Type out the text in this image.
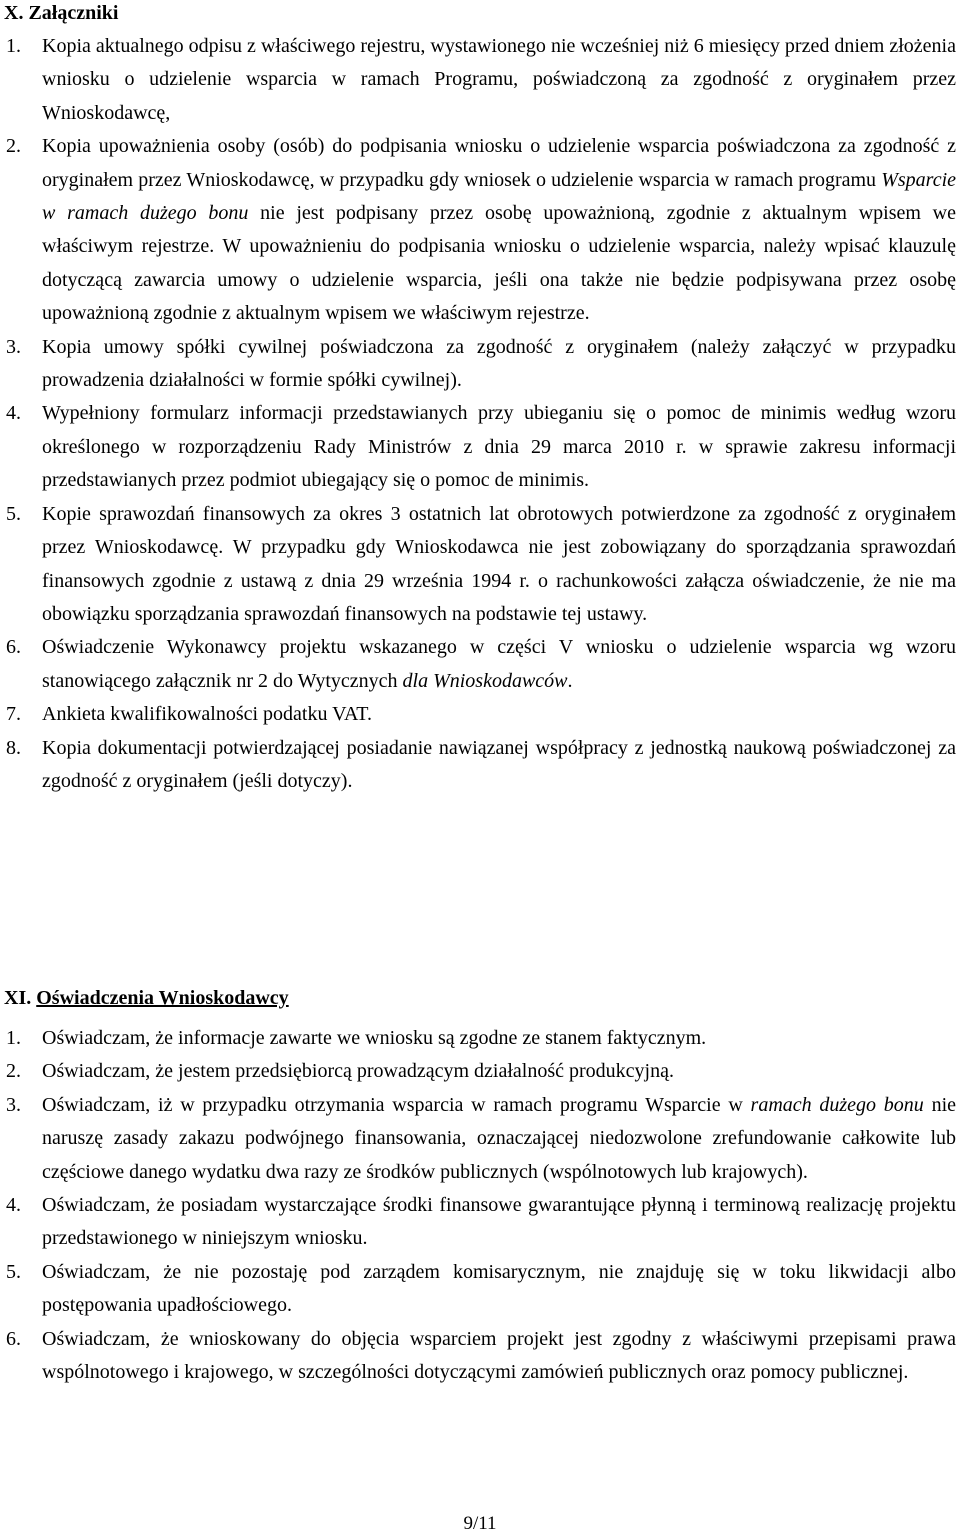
X. Załączniki
1. Kopia aktualnego odpisu z właściwego rejestru, wystawionego nie wcześniej niż 6 miesięcy przed dniem złożenia wniosku o udzielenie wsparcia w ramach Programu, poświadczoną za zgodność z oryginałem przez Wnioskodawcę,
2. Kopia upoważnienia osoby (osób) do podpisania wniosku o udzielenie wsparcia poświadczona za zgodność z oryginałem przez Wnioskodawcę, w przypadku gdy wniosek o udzielenie wsparcia w ramach programu Wsparcie w ramach dużego bonu nie jest podpisany przez osobę upoważnioną, zgodnie z aktualnym wpisem we właściwym rejestrze. W upoważnieniu do podpisania wniosku o udzielenie wsparcia, należy wpisać klauzulę dotyczącą zawarcia umowy o udzielenie wsparcia, jeśli ona także nie będzie podpisywana przez osobę upoważnioną zgodnie z aktualnym wpisem we właściwym rejestrze.
3. Kopia umowy spółki cywilnej poświadczona za zgodność z oryginałem (należy załączyć w przypadku prowadzenia działalności w formie spółki cywilnej).
4. Wypełniony formularz informacji przedstawianych przy ubieganiu się o pomoc de minimis według wzoru określonego w rozporządzeniu Rady Ministrów z dnia 29 marca 2010 r. w sprawie zakresu informacji przedstawianych przez podmiot ubiegający się o pomoc de minimis.
5. Kopie sprawozdań finansowych za okres 3 ostatnich lat obrotowych potwierdzone za zgodność z oryginałem przez Wnioskodawcę. W przypadku gdy Wnioskodawca nie jest zobowiązany do sporządzania sprawozdań finansowych zgodnie z ustawą z dnia 29 września 1994 r. o rachunkowości załącza oświadczenie, że nie ma obowiązku sporządzania sprawozdań finansowych na podstawie tej ustawy.
6. Oświadczenie Wykonawcy projektu wskazanego w części V wniosku o udzielenie wsparcia wg wzoru stanowiącego załącznik nr 2 do Wytycznych dla Wnioskodawców.
7. Ankieta kwalifikowalności podatku VAT.
8. Kopia dokumentacji potwierdzającej posiadanie nawiązanej współpracy z jednostką naukową poświadczonej za zgodność z oryginałem (jeśli dotyczy).
XI. Oświadczenia Wnioskodawcy
1. Oświadczam, że informacje zawarte we wniosku są zgodne ze stanem faktycznym.
2. Oświadczam, że jestem przedsiębiorcą prowadzącym działalność produkcyjną.
3. Oświadczam, iż w przypadku otrzymania wsparcia w ramach programu Wsparcie w ramach dużego bonu nie naruszę zasady zakazu podwójnego finansowania, oznaczającej niedozwolone zrefundowanie całkowite lub częściowe danego wydatku dwa razy ze środków publicznych (wspólnotowych lub krajowych).
4. Oświadczam, że posiadam wystarczające środki finansowe gwarantujące płynną i terminową realizację projektu przedstawionego w niniejszym wniosku.
5. Oświadczam, że nie pozostaję pod zarządem komisarycznym, nie znajduję się w toku likwidacji albo postępowania upadłościowego.
6. Oświadczam, że wnioskowany do objęcia wsparciem projekt jest zgodny z właściwymi przepisami prawa wspólnotowego i krajowego, w szczególności dotyczącymi zamówień publicznych oraz pomocy publicznej.
9/11
